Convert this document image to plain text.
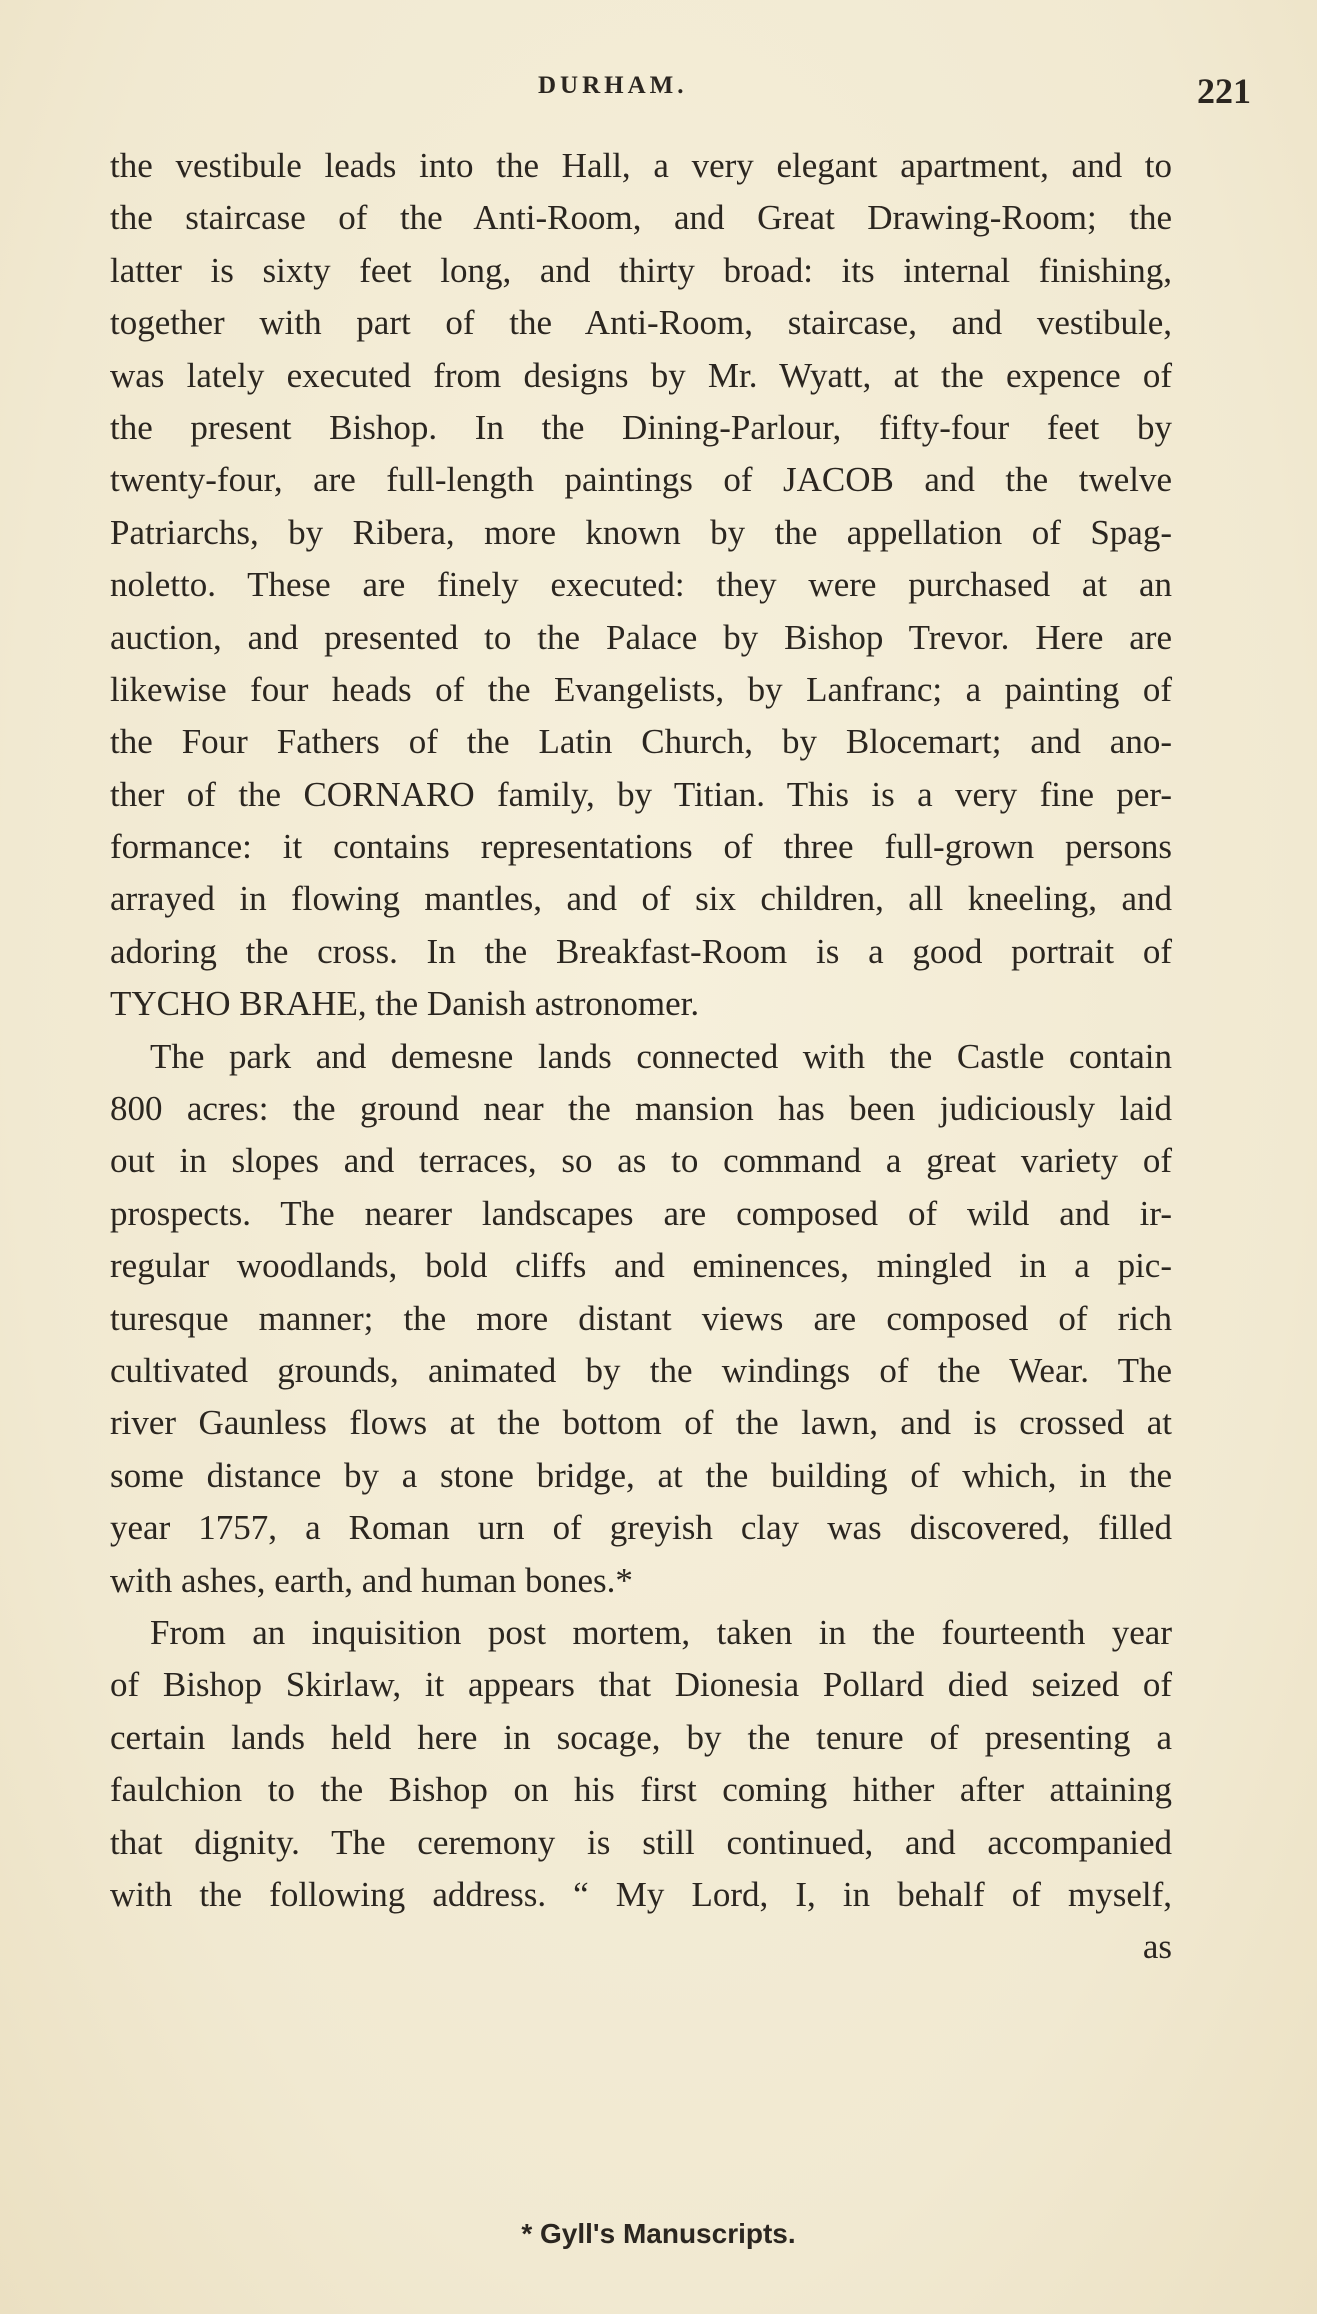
DURHAM.	221
the vestibule leads into the Hall, a very elegant apartment, and to
the staircase of the Anti-Room, and Great Drawing-Room; the
latter is sixty feet long, and thirty broad: its internal finishing,
together with part of the Anti-Room, staircase, and vestibule,
was lately executed from designs by Mr. Wyatt, at the expence of
the present Bishop. In the Dining-Parlour, fifty-four feet by
twenty-four, are full-length paintings of JACOB and the twelve
Patriarchs, by Ribera, more known by the appellation of Spag-
noletto. These are finely executed: they were purchased at an
auction, and presented to the Palace by Bishop Trevor. Here are
likewise four heads of the Evangelists, by Lanfranc; a painting of
the Four Fathers of the Latin Church, by Blocemart; and ano-
ther of the CORNARO family, by Titian. This is a very fine per-
formance: it contains representations of three full-grown persons
arrayed in flowing mantles, and of six children, all kneeling, and
adoring the cross. In the Breakfast-Room is a good portrait of
TYCHO BRAHE, the Danish astronomer.
The park and demesne lands connected with the Castle contain
800 acres: the ground near the mansion has been judiciously laid
out in slopes and terraces, so as to command a great variety of
prospects. The nearer landscapes are composed of wild and ir-
regular woodlands, bold cliffs and eminences, mingled in a pic-
turesque manner; the more distant views are composed of rich
cultivated grounds, animated by the windings of the Wear. The
river Gaunless flows at the bottom of the lawn, and is crossed at
some distance by a stone bridge, at the building of which, in the
year 1757, a Roman urn of greyish clay was discovered, filled
with ashes, earth, and human bones.*
From an inquisition post mortem, taken in the fourteenth year
of Bishop Skirlaw, it appears that Dionesia Pollard died seized of
certain lands held here in socage, by the tenure of presenting a
faulchion to the Bishop on his first coming hither after attaining
that dignity. The ceremony is still continued, and accompanied
with the following address. “ My Lord, I, in behalf of myself,
as
* Gyll's Manuscripts.
